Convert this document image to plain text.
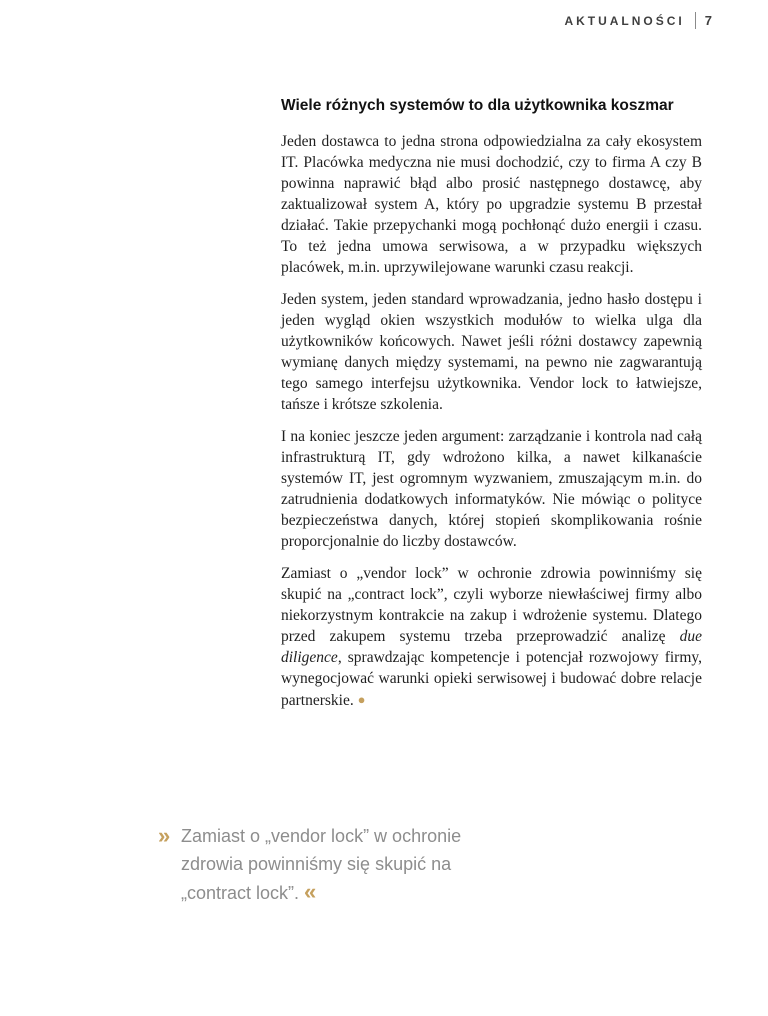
AKTUALNOŚCI 7
Wiele różnych systemów to dla użytkownika koszmar

Jeden dostawca to jedna strona odpowiedzialna za cały ekosystem IT. Placówka medyczna nie musi dochodzić, czy to firma A czy B powinna naprawić błąd albo prosić następnego dostawcę, aby zaktualizował system A, który po upgradzie systemu B przestał działać. Takie przepychanki mogą pochłonąć dużo energii i czasu. To też jedna umowa serwisowa, a w przypadku większych placówek, m.in. uprzywilejowane warunki czasu reakcji.

Jeden system, jeden standard wprowadzania, jedno hasło dostępu i jeden wygląd okien wszystkich modułów to wielka ulga dla użytkowników końcowych. Nawet jeśli różni dostawcy zapewnią wymianę danych między systemami, na pewno nie zagwarantują tego samego interfejsu użytkownika. Vendor lock to łatwiejsze, tańsze i krótsze szkolenia.

I na koniec jeszcze jeden argument: zarządzanie i kontrola nad całą infrastrukturą IT, gdy wdrożono kilka, a nawet kilkanaście systemów IT, jest ogromnym wyzwaniem, zmuszającym m.in. do zatrudnienia dodatkowych informatyków. Nie mówiąc o polityce bezpieczeństwa danych, której stopień skomplikowania rośnie proporcjonalnie do liczby dostawców.

Zamiast o „vendor lock” w ochronie zdrowia powinniśmy się skupić na „contract lock”, czyli wyborze niewłaściwej firmy albo niekorzystnym kontrakcie na zakup i wdrożenie systemu. Dlatego przed zakupem systemu trzeba przeprowadzić analizę due diligence, sprawdzając kompetencje i potencjał rozwojowy firmy, wynegocjować warunki opieki serwisowej i budować dobre relacje partnerskie. ●

» Zamiast o „vendor lock” w ochronie zdrowia powinniśmy się skupić na „contract lock”. «
